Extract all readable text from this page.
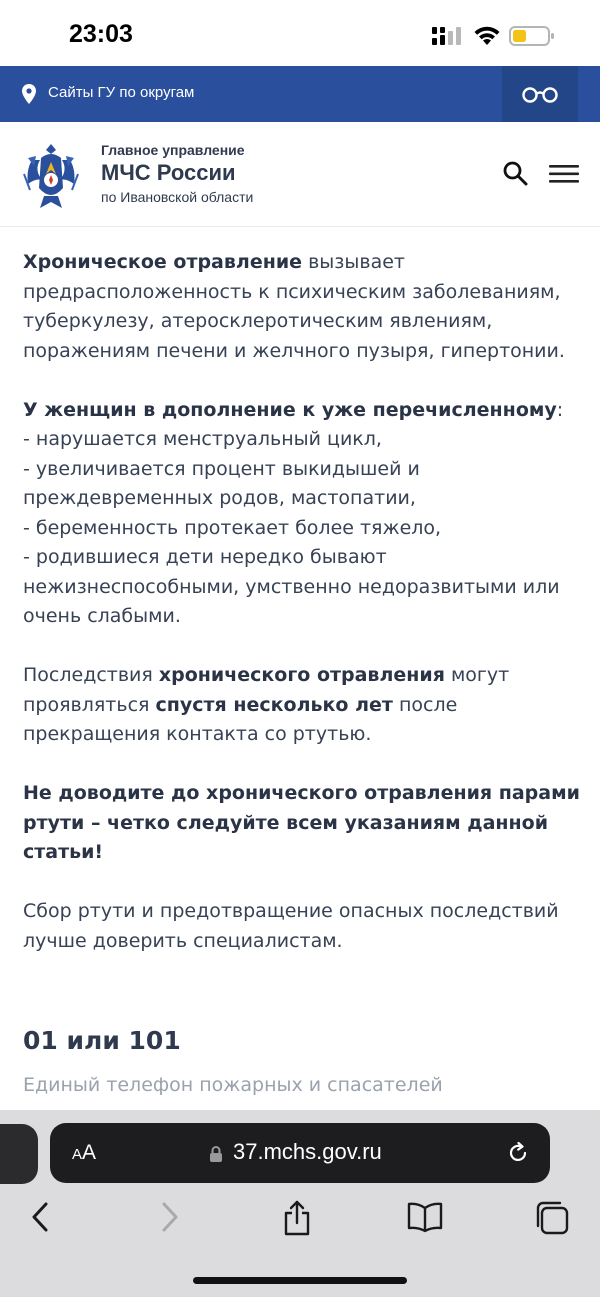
23:03
Сайты ГУ по округам
Главное управление
МЧС России
по Ивановской области

Хроническое отравление вызывает предрасположенность к психическим заболеваниям, туберкулезу, атеросклеротическим явлениям, поражениям печени и желчного пузыря, гипертонии.

У женщин в дополнение к уже перечисленному:
- нарушается менструальный цикл,
- увеличивается процент выкидышей и преждевременных родов, мастопатии,
- беременность протекает более тяжело,
- родившиеся дети нередко бывают нежизнеспособными, умственно недоразвитыми или очень слабыми.

Последствия хронического отравления могут проявляться спустя несколько лет после прекращения контакта со ртутью.

Не доводите до хронического отравления парами ртути – четко следуйте всем указаниям данной статьи!

Сбор ртути и предотвращение опасных последствий лучше доверить специалистам.

01 или 101
Единый телефон пожарных и спасателей
AA	37.mchs.gov.ru
